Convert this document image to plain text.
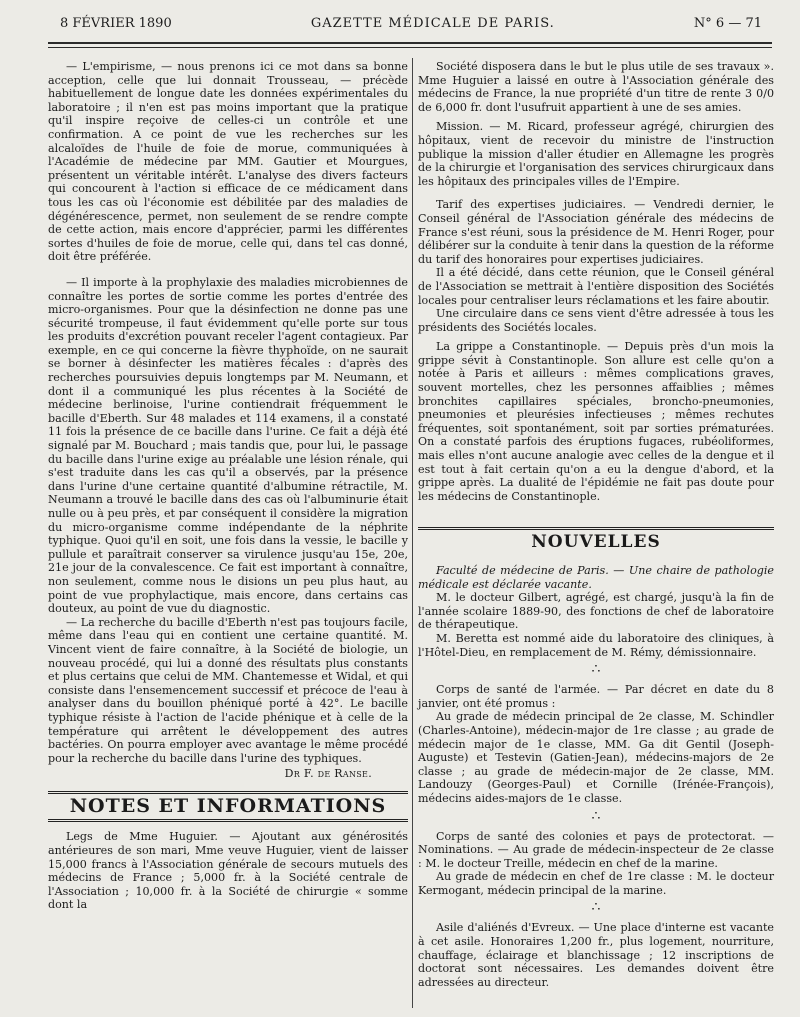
8 FÉVRIER 1890	GAZETTE MÉDICALE DE PARIS.	N° 6 — 71

— L'empirisme, — nous prenons ici ce mot dans sa bonne acception, celle que lui donnait Trousseau, — précède habituellement de longue date les données expérimentales du laboratoire ; il n'en est pas moins important que la pratique qu'il inspire reçoive de celles-ci un contrôle et une confirmation. A ce point de vue les recherches sur les alcaloïdes de l'huile de foie de morue, communiquées à l'Académie de médecine par MM. Gautier et Mourgues, présentent un véritable intérêt. L'analyse des divers facteurs qui concourent à l'action si efficace de ce médicament dans tous les cas où l'économie est débilitée par des maladies de dégénérescence, permet, non seulement de se rendre compte de cette action, mais encore d'apprécier, parmi les différentes sortes d'huiles de foie de morue, celle qui, dans tel cas donné, doit être préférée.

— Il importe à la prophylaxie des maladies microbiennes de connaître les portes de sortie comme les portes d'entrée des micro-organismes. Pour que la désinfection ne donne pas une sécurité trompeuse, il faut évidemment qu'elle porte sur tous les produits d'excrétion pouvant receler l'agent contagieux. Par exemple, en ce qui concerne la fièvre thyphoïde, on ne saurait se borner à désinfecter les matières fécales : d'après des recherches poursuivies depuis longtemps par M. Neumann, et dont il a communiqué les plus récentes à la Société de médecine berlinoise, l'urine contiendrait fréquemment le bacille d'Eberth. Sur 48 malades et 114 examens, il a constaté 11 fois la présence de ce bacille dans l'urine. Ce fait a déjà été signalé par M. Bouchard ; mais tandis que, pour lui, le passage du bacille dans l'urine exige au préalable une lésion rénale, qui s'est traduite dans les cas qu'il a observés, par la présence dans l'urine d'une certaine quantité d'albumine rétractile, M. Neumann a trouvé le bacille dans des cas où l'albuminurie était nulle ou à peu près, et par conséquent il considère la migration du micro-organisme comme indépendante de la néphrite typhique. Quoi qu'il en soit, une fois dans la vessie, le bacille y pullule et paraîtrait conserver sa virulence jusqu'au 15e, 20e, 21e jour de la convalescence. Ce fait est important à connaître, non seulement, comme nous le disions un peu plus haut, au point de vue prophylactique, mais encore, dans certains cas douteux, au point de vue du diagnostic.

— La recherche du bacille d'Eberth n'est pas toujours facile, même dans l'eau qui en contient une certaine quantité. M. Vincent vient de faire connaître, à la Société de biologie, un nouveau procédé, qui lui a donné des résultats plus constants et plus certains que celui de MM. Chantemesse et Widal, et qui consiste dans l'ensemencement successif et précoce de l'eau à analyser dans du bouillon phéniqué porté à 42°. Le bacille typhique résiste à l'action de l'acide phénique et à celle de la température qui arrêtent le développement des autres bactéries. On pourra employer avec avantage le même procédé pour la recherche du bacille dans l'urine des typhiques.

Dr F. de Ranse.
NOTES ET INFORMATIONS

Legs de Mme Huguier. — Ajoutant aux générosités antérieures de son mari, Mme veuve Huguier, vient de laisser 15,000 francs à l'Association générale de secours mutuels des médecins de France ; 5,000 fr. à la Société centrale de l'Association ; 10,000 fr. à la Société de chirurgie « somme dont la

Société disposera dans le but le plus utile de ses travaux ». Mme Huguier a laissé en outre à l'Association générale des médecins de France, la nue propriété d'un titre de rente 3 0/0 de 6,000 fr. dont l'usufruit appartient à une de ses amies.

Mission. — M. Ricard, professeur agrégé, chirurgien des hôpitaux, vient de recevoir du ministre de l'instruction publique la mission d'aller étudier en Allemagne les progrès de la chirurgie et l'organisation des services chirurgicaux dans les hôpitaux des principales villes de l'Empire.

Tarif des expertises judiciaires. — Vendredi dernier, le Conseil général de l'Association générale des médecins de France s'est réuni, sous la présidence de M. Henri Roger, pour délibérer sur la conduite à tenir dans la question de la réforme du tarif des honoraires pour expertises judiciaires.

Il a été décidé, dans cette réunion, que le Conseil général de l'Association se mettrait à l'entière disposition des Sociétés locales pour centraliser leurs réclamations et les faire aboutir.

Une circulaire dans ce sens vient d'être adressée à tous les présidents des Sociétés locales.

La grippe a Constantinople. — Depuis près d'un mois la grippe sévit à Constantinople. Son allure est celle qu'on a notée à Paris et ailleurs : mêmes complications graves, souvent mortelles, chez les personnes affaiblies ; mêmes bronchites capillaires spéciales, broncho-pneumonies, pneumonies et pleurésies infectieuses ; mêmes rechutes fréquentes, soit spontanément, soit par sorties prématurées. On a constaté parfois des éruptions fugaces, rubéoliformes, mais elles n'ont aucune analogie avec celles de la dengue et il est tout à fait certain qu'on a eu la dengue d'abord, et la grippe après. La dualité de l'épidémie ne fait pas doute pour les médecins de Constantinople.

NOUVELLES

Faculté de médecine de Paris. — Une chaire de pathologie médicale est déclarée vacante.

M. le docteur Gilbert, agrégé, est chargé, jusqu'à la fin de l'année scolaire 1889-90, des fonctions de chef de laboratoire de thérapeutique.

M. Beretta est nommé aide du laboratoire des cliniques, à l'Hôtel-Dieu, en remplacement de M. Rémy, démissionnaire.

∴

Corps de santé de l'armée. — Par décret en date du 8 janvier, ont été promus :

Au grade de médecin principal de 2e classe, M. Schindler (Charles-Antoine), médecin-major de 1re classe ; au grade de médecin major de 1e classe, MM. Ga dit Gentil (Joseph-Auguste) et Testevin (Gatien-Jean), médecins-majors de 2e classe ; au grade de médecin-major de 2e classe, MM. Landouzy (Georges-Paul) et Cornille (Irénée-François), médecins aides-majors de 1e classe.

∴

Corps de santé des colonies et pays de protectorat. — Nominations. — Au grade de médecin-inspecteur de 2e classe : M. le docteur Treille, médecin en chef de la marine.

Au grade de médecin en chef de 1re classe : M. le docteur Kermogant, médecin principal de la marine.

∴

Asile d'aliénés d'Evreux. — Une place d'interne est vacante à cet asile. Honoraires 1,200 fr., plus logement, nourriture, chauffage, éclairage et blanchissage ; 12 inscriptions de doctorat sont nécessaires. Les demandes doivent être adressées au directeur.
